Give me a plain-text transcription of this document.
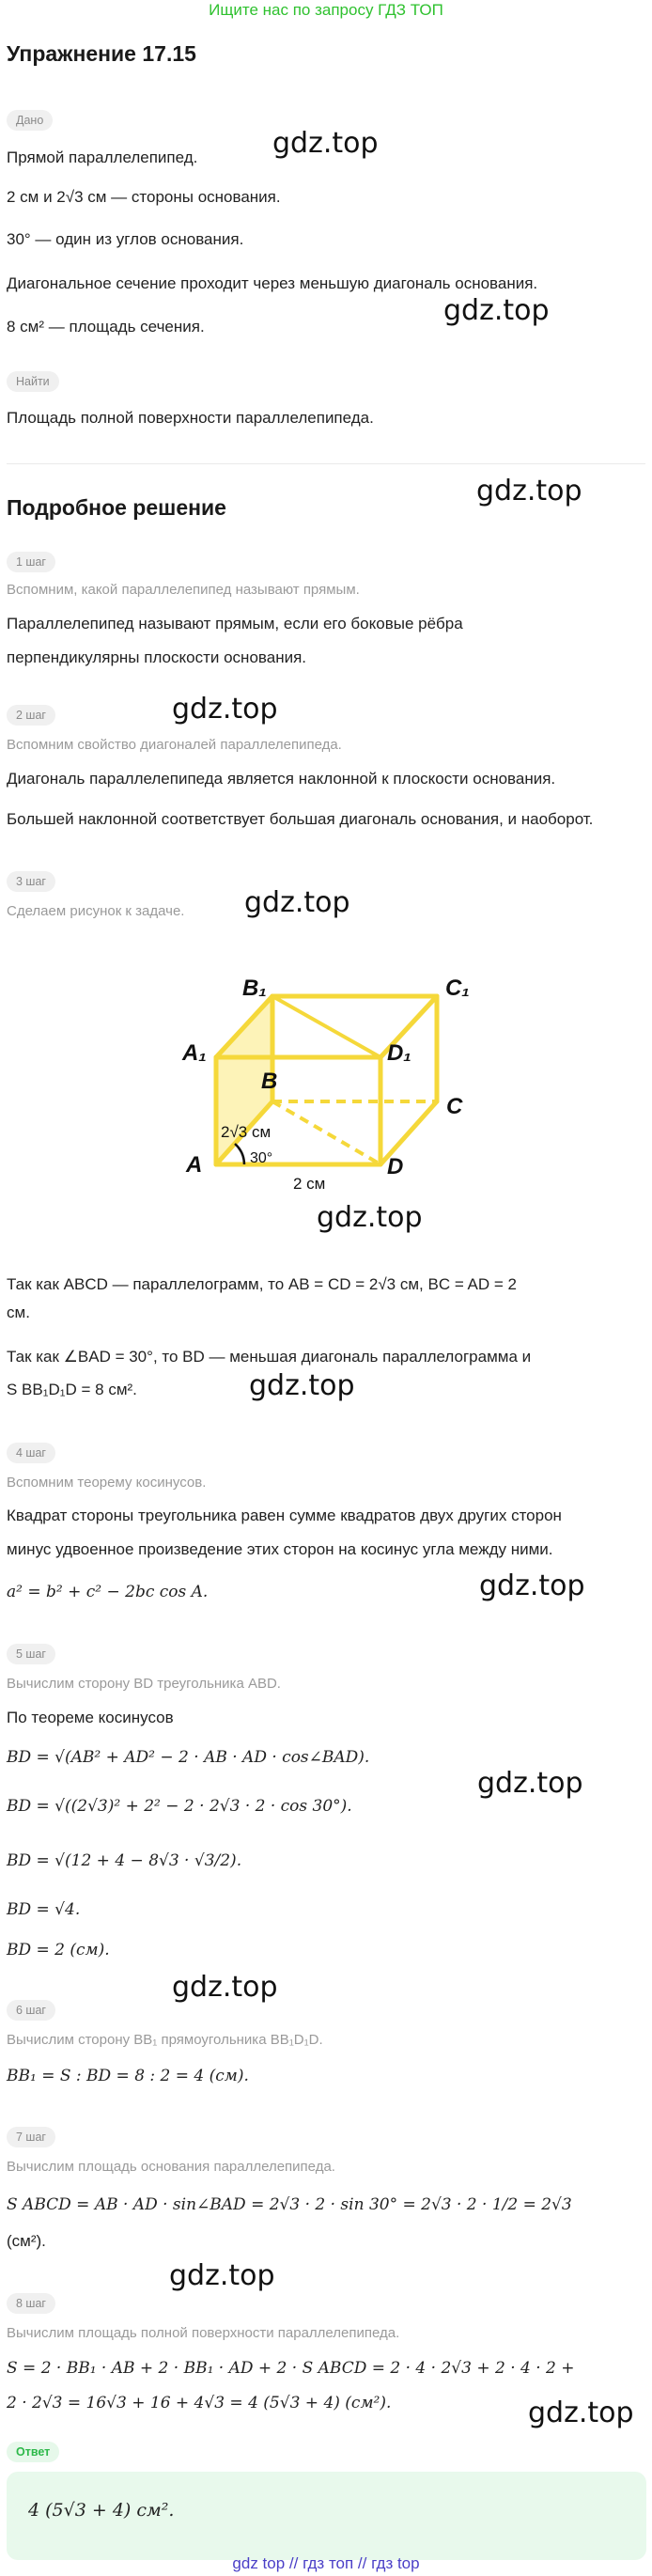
Ищите нас по запросу ГДЗ ТОП
Упражнение 17.15
Дано
Прямой параллелепипед.
2 см и 2√3 см — стороны основания.
30° — один из углов основания.
Диагональное сечение проходит через меньшую диагональ основания.
8 см² — площадь сечения.
Найти
Площадь полной поверхности параллелепипеда.
Подробное решение
1 шаг
Вспомним, какой параллелепипед называют прямым.
Параллелепипед называют прямым, если его боковые рёбра
перпендикулярны плоскости основания.
2 шаг
Вспомним свойство диагоналей параллелепипеда.
Диагональ параллелепипеда является наклонной к плоскости основания.
Большей наклонной соответствует большая диагональ основания, и наоборот.
3 шаг
Сделаем рисунок к задаче.
A
B
C
D
A₁
B₁	C₁
D₁
2√3 см
2 см
30°
Так как ABCD — параллелограмм, то AB = CD = 2√3 см, BC = AD = 2
см.
Так как ∠BAD = 30°, то BD — меньшая диагональ параллелограмма и
S BB₁D₁D = 8 см².
4 шаг
Вспомним теорему косинусов.
Квадрат стороны треугольника равен сумме квадратов двух других сторон
минус удвоенное произведение этих сторон на косинус угла между ними.
a² = b² + c² − 2bc cos A.
5 шаг
Вычислим сторону BD треугольника ABD.
По теореме косинусов
BD = √(AB² + AD² − 2 · AB · AD · cos∠BAD).
BD = √((2√3)² + 2² − 2 · 2√3 · 2 · cos 30°).
BD = √(12 + 4 − 8√3 · √3/2).
BD = √4.
BD = 2 (см).
6 шаг
Вычислим сторону BB₁ прямоугольника BB₁D₁D.
BB₁ = S : BD = 8 : 2 = 4 (см).
7 шаг
Вычислим площадь основания параллелепипеда.
S ABCD = AB · AD · sin∠BAD = 2√3 · 2 · sin 30° = 2√3 · 2 · 1/2 = 2√3
(см²).
8 шаг
Вычислим площадь полной поверхности параллелепипеда.
S = 2 · BB₁ · AB + 2 · BB₁ · AD + 2 · S ABCD = 2 · 4 · 2√3 + 2 · 4 · 2 +
2 · 2√3 = 16√3 + 16 + 4√3 = 4 (5√3 + 4) (см²).
Ответ
4 (5√3 + 4) см².
gdz.top
gdz.top
gdz.top
gdz.top
gdz.top
gdz.top
gdz.top
gdz.top
gdz.top
gdz.top
gdz.top
gdz.top
gdz top // гдз топ // гдз top
